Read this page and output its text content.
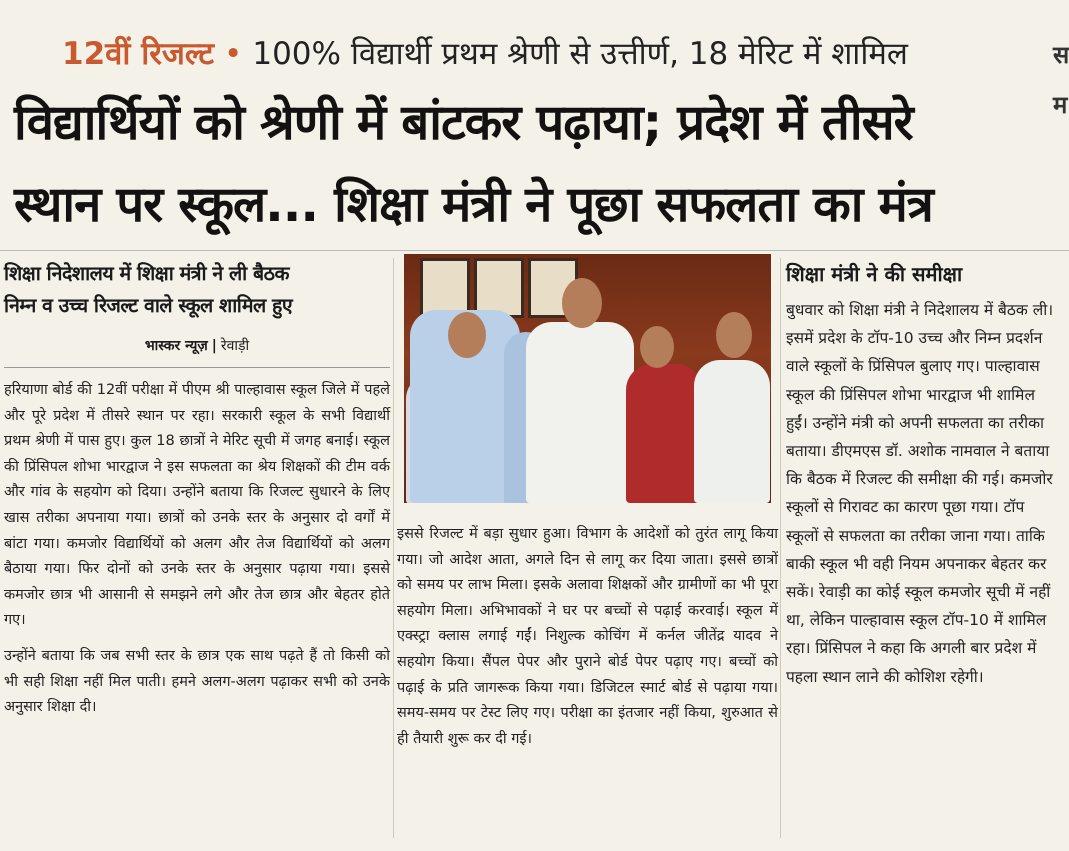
12वीं रिजल्ट • 100% विद्यार्थी प्रथम श्रेणी से उत्तीर्ण, 18 मेरिट में शामिल
विद्यार्थियों को श्रेणी में बांटकर पढ़ाया; प्रदेश में तीसरे
स्थान पर स्कूल... शिक्षा मंत्री ने पूछा सफलता का मंत्र
स
म
शिक्षा निदेशालय में शिक्षा मंत्री ने ली बैठक
निम्न व उच्च रिजल्ट वाले स्कूल शामिल हुए
भास्कर न्यूज़ | रेवाड़ी

हरियाणा बोर्ड की 12वीं परीक्षा में पीएम श्री पाल्हावास स्कूल जिले में पहले और पूरे प्रदेश में तीसरे स्थान पर रहा। सरकारी स्कूल के सभी विद्यार्थी प्रथम श्रेणी में पास हुए। कुल 18 छात्रों ने मेरिट सूची में जगह बनाई। स्कूल की प्रिंसिपल शोभा भारद्वाज ने इस सफलता का श्रेय शिक्षकों की टीम वर्क और गांव के सहयोग को दिया। उन्होंने बताया कि रिजल्ट सुधारने के लिए खास तरीका अपनाया गया। छात्रों को उनके स्तर के अनुसार दो वर्गों में बांटा गया। कमजोर विद्यार्थियों को अलग और तेज विद्यार्थियों को अलग बैठाया गया। फिर दोनों को उनके स्तर के अनुसार पढ़ाया गया। इससे कमजोर छात्र भी आसानी से समझने लगे और तेज छात्र और बेहतर होते गए।

उन्होंने बताया कि जब सभी स्तर के छात्र एक साथ पढ़ते हैं तो किसी को भी सही शिक्षा नहीं मिल पाती। हमने अलग-अलग पढ़ाकर सभी को उनके अनुसार शिक्षा दी।

इससे रिजल्ट में बड़ा सुधार हुआ। विभाग के आदेशों को तुरंत लागू किया गया। जो आदेश आता, अगले दिन से लागू कर दिया जाता। इससे छात्रों को समय पर लाभ मिला। इसके अलावा शिक्षकों और ग्रामीणों का भी पूरा सहयोग मिला। अभिभावकों ने घर पर बच्चों से पढ़ाई करवाई। स्कूल में एक्स्ट्रा क्लास लगाई गईं। निशुल्क कोचिंग में कर्नल जीतेंद्र यादव ने सहयोग किया। सैंपल पेपर और पुराने बोर्ड पेपर पढ़ाए गए। बच्चों को पढ़ाई के प्रति जागरूक किया गया। डिजिटल स्मार्ट बोर्ड से पढ़ाया गया। समय-समय पर टेस्ट लिए गए। परीक्षा का इंतजार नहीं किया, शुरुआत से ही तैयारी शुरू कर दी गई।
शिक्षा मंत्री ने की समीक्षा
बुधवार को शिक्षा मंत्री ने निदेशालय में बैठक ली। इसमें प्रदेश के टॉप-10 उच्च और निम्न प्रदर्शन वाले स्कूलों के प्रिंसिपल बुलाए गए। पाल्हावास स्कूल की प्रिंसिपल शोभा भारद्वाज भी शामिल हुईं। उन्होंने मंत्री को अपनी सफलता का तरीका बताया। डीएमएस डॉ. अशोक नामवाल ने बताया कि बैठक में रिजल्ट की समीक्षा की गई। कमजोर स्कूलों से गिरावट का कारण पूछा गया। टॉप स्कूलों से सफलता का तरीका जाना गया। ताकि बाकी स्कूल भी वही नियम अपनाकर बेहतर कर सकें। रेवाड़ी का कोई स्कूल कमजोर सूची में नहीं था, लेकिन पाल्हावास स्कूल टॉप-10 में शामिल रहा। प्रिंसिपल ने कहा कि अगली बार प्रदेश में पहला स्थान लाने की कोशिश रहेगी।
